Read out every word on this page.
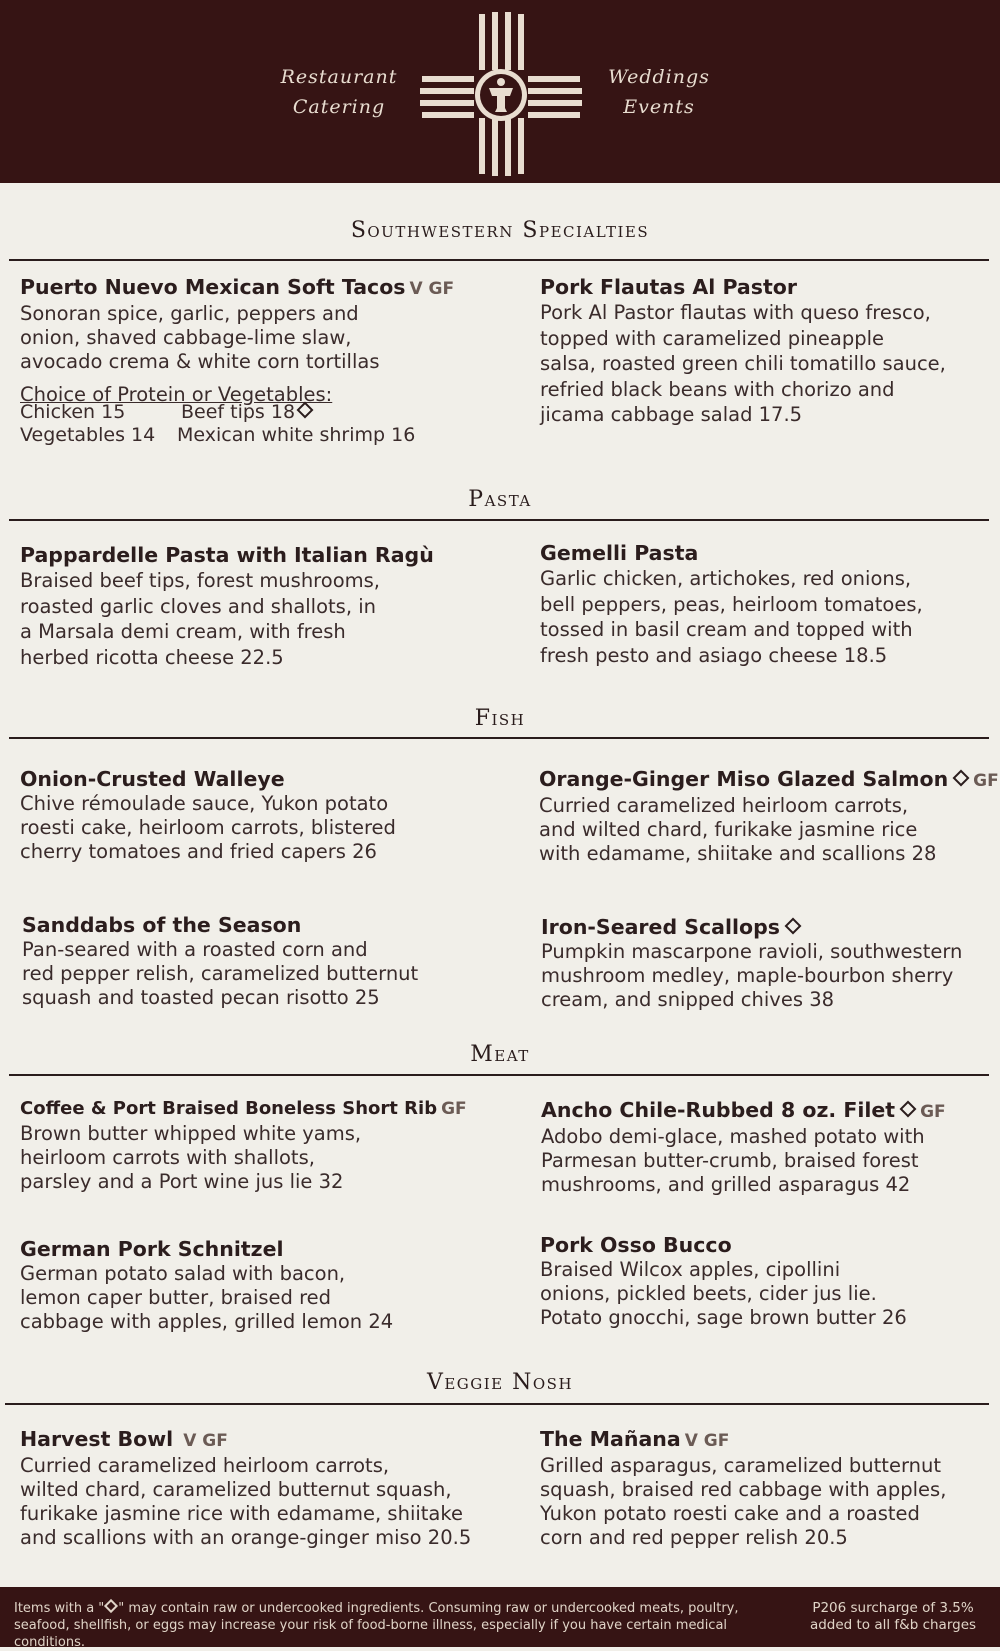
Restaurant
Catering
Weddings
Events
Southwestern Specialties
Puerto Nuevo Mexican Soft Tacos V GF
Sonoran spice, garlic, peppers and
onion, shaved cabbage-lime slaw,
avocado crema & white corn tortillas
Choice of Protein or Vegetables:
Chicken 15	Beef tips 18
Vegetables 14 Mexican white shrimp 16
Pork Flautas Al Pastor
Pork Al Pastor flautas with queso fresco,
topped with caramelized pineapple
salsa, roasted green chili tomatillo sauce,
refried black beans with chorizo and
jicama cabbage salad 17.5
Pasta
Pappardelle Pasta with Italian Ragù
Braised beef tips, forest mushrooms,
roasted garlic cloves and shallots, in
a Marsala demi cream, with fresh
herbed ricotta cheese 22.5
Gemelli Pasta
Garlic chicken, artichokes, red onions,
bell peppers, peas, heirloom tomatoes,
tossed in basil cream and topped with
fresh pesto and asiago cheese 18.5
Fish
Onion-Crusted Walleye
Chive rémoulade sauce, Yukon potato
roesti cake, heirloom carrots, blistered
cherry tomatoes and fried capers 26
Orange-Ginger Miso Glazed Salmon GF
Curried caramelized heirloom carrots,
and wilted chard, furikake jasmine rice
with edamame, shiitake and scallions 28
Sanddabs of the Season
Pan-seared with a roasted corn and
red pepper relish, caramelized butternut
squash and toasted pecan risotto 25
Iron-Seared Scallops
Pumpkin mascarpone ravioli, southwestern
mushroom medley, maple-bourbon sherry
cream, and snipped chives 38
Meat
Coffee & Port Braised Boneless Short Rib GF
Brown butter whipped white yams,
heirloom carrots with shallots,
parsley and a Port wine jus lie 32
Ancho Chile-Rubbed 8 oz. Filet GF
Adobo demi-glace, mashed potato with
Parmesan butter-crumb, braised forest
mushrooms, and grilled asparagus 42
German Pork Schnitzel
German potato salad with bacon,
lemon caper butter, braised red
cabbage with apples, grilled lemon 24
Pork Osso Bucco
Braised Wilcox apples, cipollini
onions, pickled beets, cider jus lie.
Potato gnocchi, sage brown butter 26
Veggie Nosh
Harvest Bowl V GF
Curried caramelized heirloom carrots,
wilted chard, caramelized butternut squash,
furikake jasmine rice with edamame, shiitake
and scallions with an orange-ginger miso 20.5
The Mañana V GF
Grilled asparagus, caramelized butternut
squash, braised red cabbage with apples,
Yukon potato roesti cake and a roasted
corn and red pepper relish 20.5
Items with a " " may contain raw or undercooked ingredients. Consuming raw or undercooked meats, poultry, seafood, shellfish, or eggs may increase your risk of food-borne illness, especially if you have certain medical conditions.
P206 surcharge of 3.5%
added to all f&b charges
